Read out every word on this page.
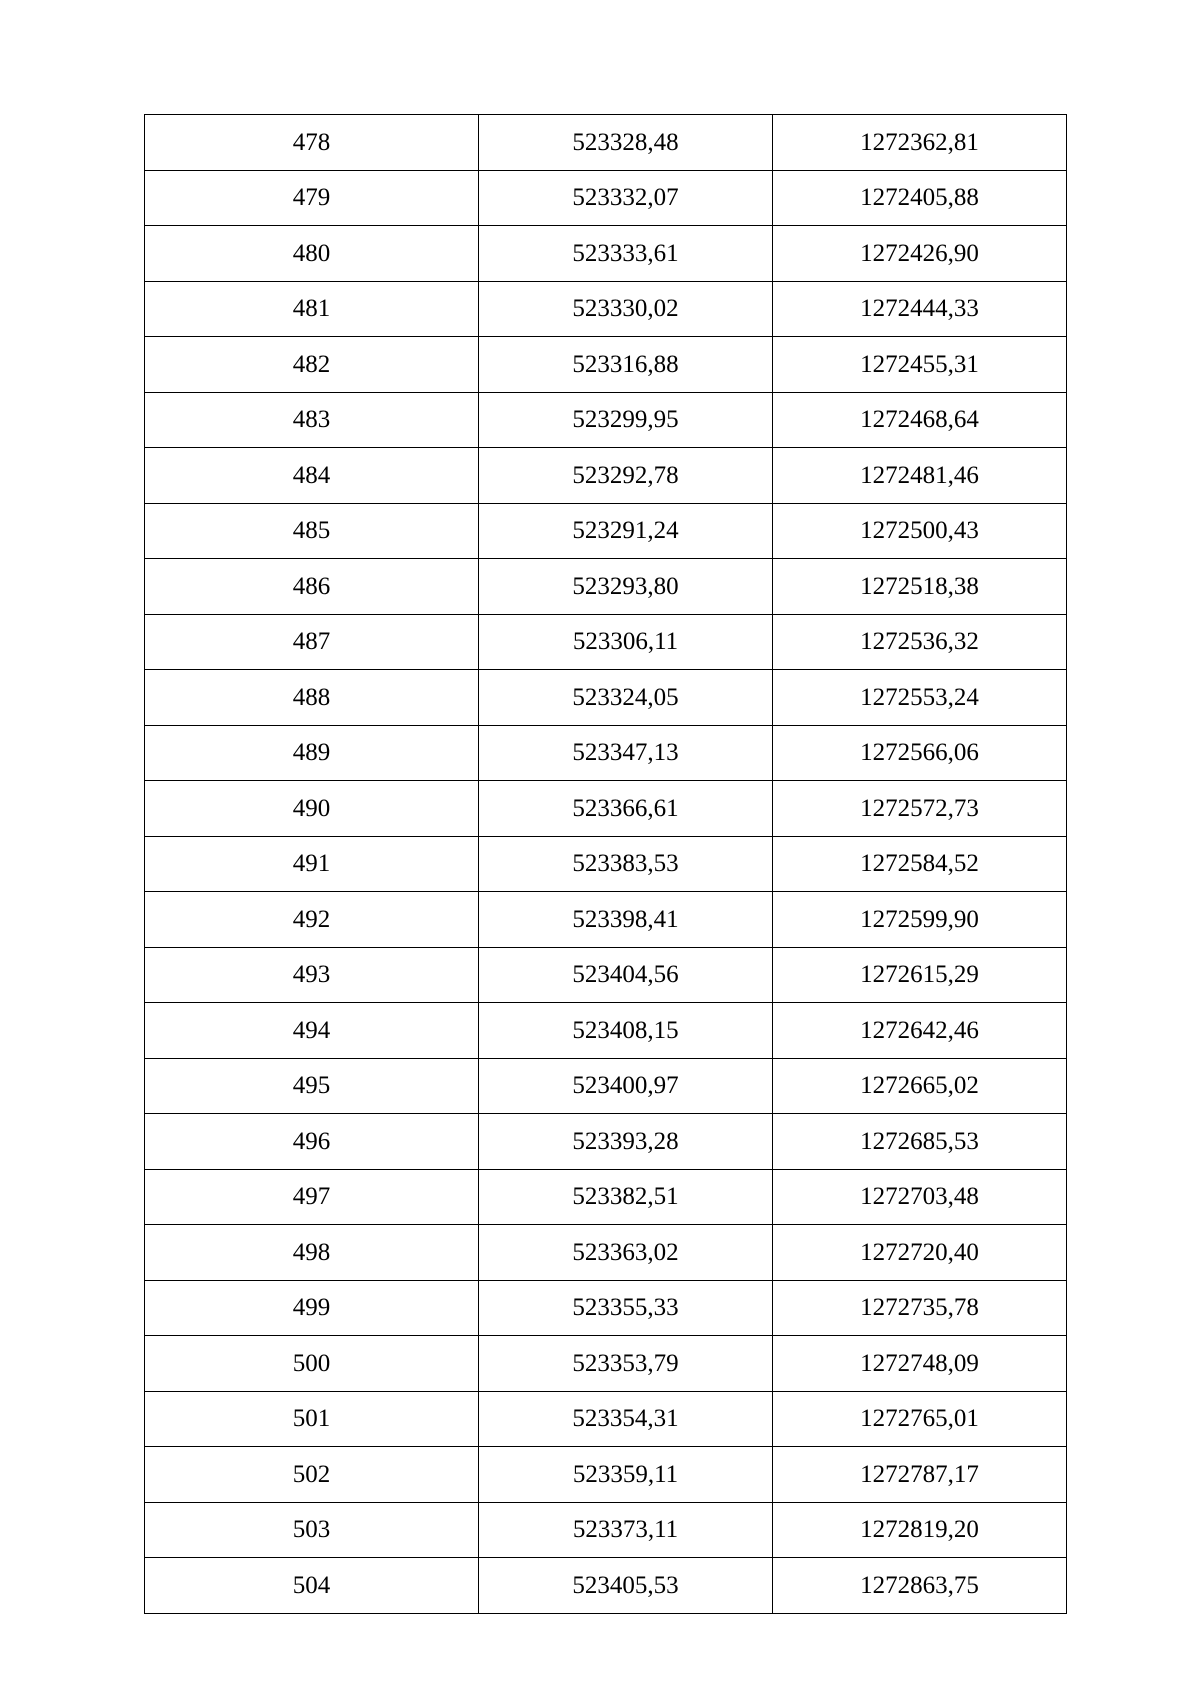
478	523328,48	1272362,81
479	523332,07	1272405,88
480	523333,61	1272426,90
481	523330,02	1272444,33
482	523316,88	1272455,31
483	523299,95	1272468,64
484	523292,78	1272481,46
485	523291,24	1272500,43
486	523293,80	1272518,38
487	523306,11	1272536,32
488	523324,05	1272553,24
489	523347,13	1272566,06
490	523366,61	1272572,73
491	523383,53	1272584,52
492	523398,41	1272599,90
493	523404,56	1272615,29
494	523408,15	1272642,46
495	523400,97	1272665,02
496	523393,28	1272685,53
497	523382,51	1272703,48
498	523363,02	1272720,40
499	523355,33	1272735,78
500	523353,79	1272748,09
501	523354,31	1272765,01
502	523359,11	1272787,17
503	523373,11	1272819,20
504	523405,53	1272863,75
